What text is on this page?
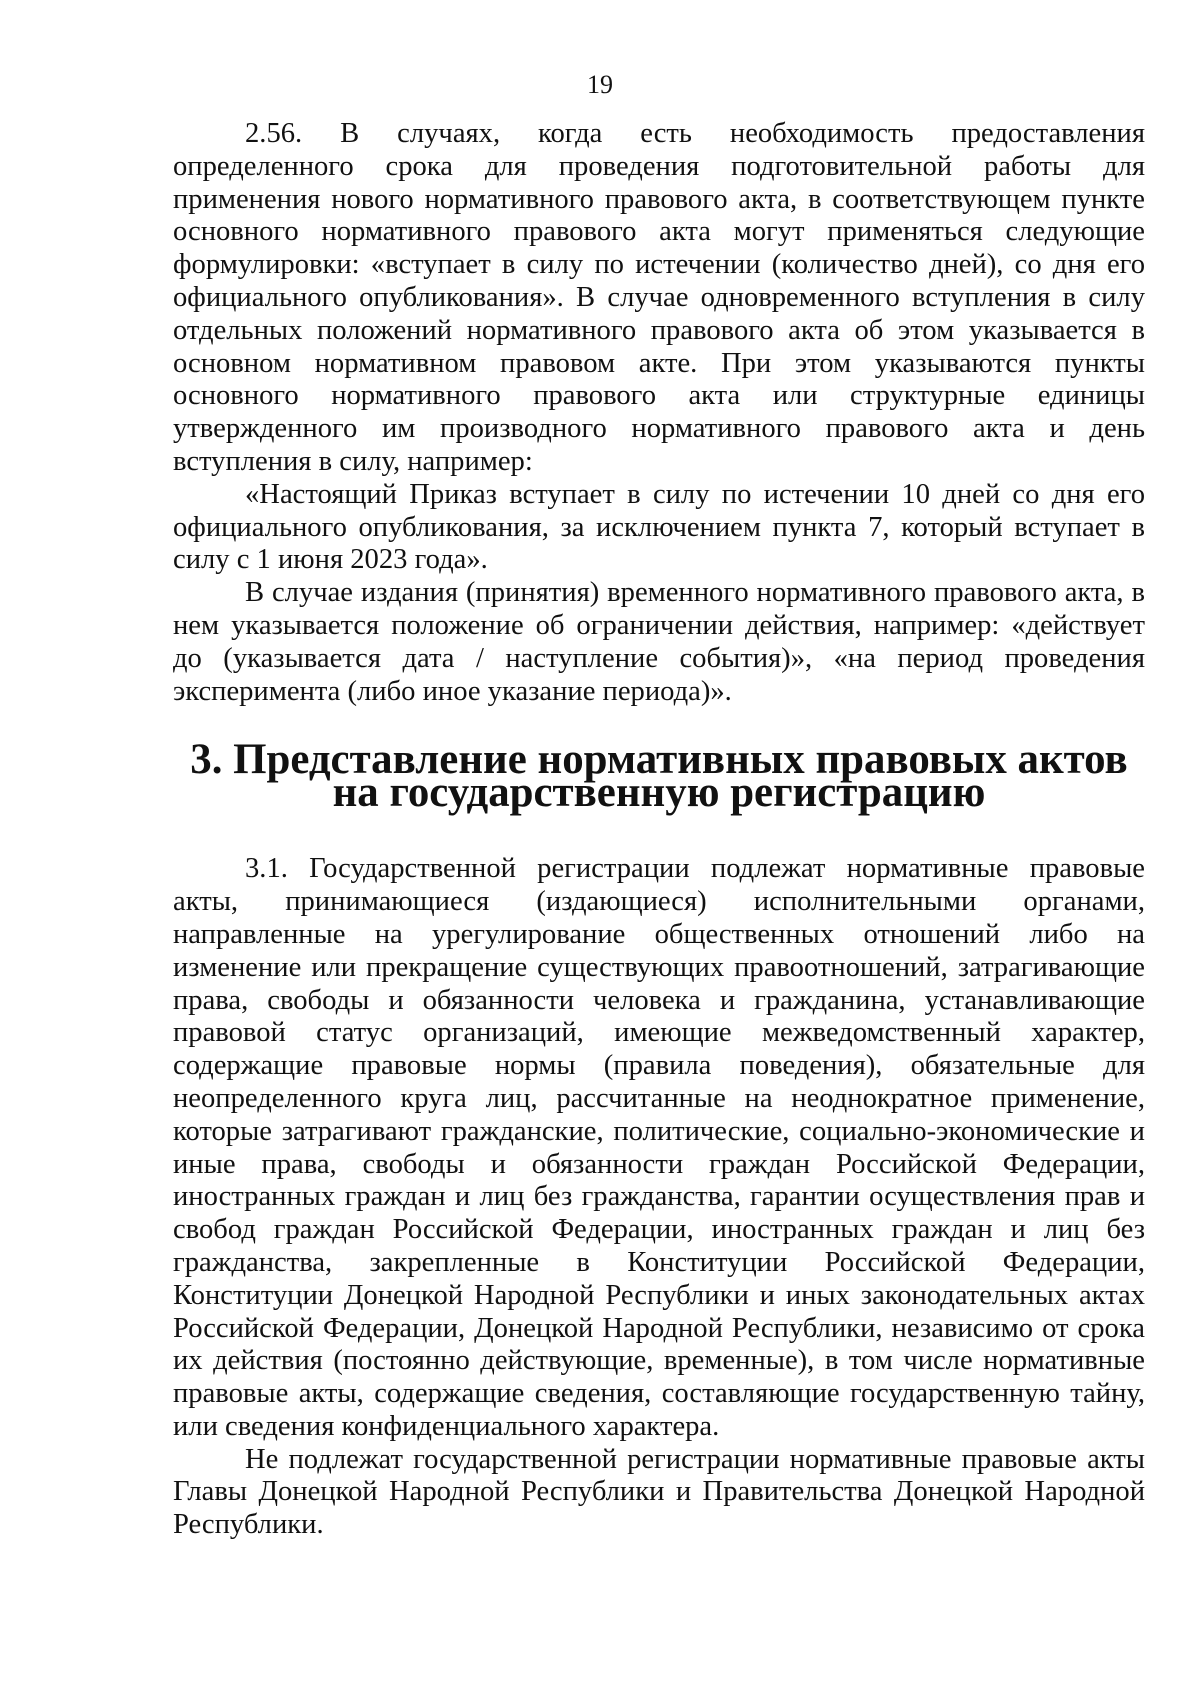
19

2.56. В случаях, когда есть необходимость предоставления определенного срока для проведения подготовительной работы для применения нового нормативного правового акта, в соответствующем пункте основного нормативного правового акта могут применяться следующие формулировки: «вступает в силу по истечении (количество дней), со дня его официального опубликования». В случае одновременного вступления в силу отдельных положений нормативного правового акта об этом указывается в основном нормативном правовом акте. При этом указываются пункты основного нормативного правового акта или структурные единицы утвержденного им производного нормативного правового акта и день вступления в силу, например:

«Настоящий Приказ вступает в силу по истечении 10 дней со дня его официального опубликования, за исключением пункта 7, который вступает в силу с 1 июня 2023 года».

В случае издания (принятия) временного нормативного правового акта, в нем указывается положение об ограничении действия, например: «действует до (указывается дата / наступление события)», «на период проведения эксперимента (либо иное указание периода)».

3. Представление нормативных правовых актов
на государственную регистрацию

3.1. Государственной регистрации подлежат нормативные правовые акты, принимающиеся (издающиеся) исполнительными органами, направленные на урегулирование общественных отношений либо на изменение или прекращение существующих правоотношений, затрагивающие права, свободы и обязанности человека и гражданина, устанавливающие правовой статус организаций, имеющие межведомственный характер, содержащие правовые нормы (правила поведения), обязательные для неопределенного круга лиц, рассчитанные на неоднократное применение, которые затрагивают гражданские, политические, социально-экономические и иные права, свободы и обязанности граждан Российской Федерации, иностранных граждан и лиц без гражданства, гарантии осуществления прав и свобод граждан Российской Федерации, иностранных граждан и лиц без гражданства, закрепленные в Конституции Российской Федерации, Конституции Донецкой Народной Республики и иных законодательных актах Российской Федерации, Донецкой Народной Республики, независимо от срока их действия (постоянно действующие, временные), в том числе нормативные правовые акты, содержащие сведения, составляющие государственную тайну, или сведения конфиденциального характера.

Не подлежат государственной регистрации нормативные правовые акты Главы Донецкой Народной Республики и Правительства Донецкой Народной Республики.
